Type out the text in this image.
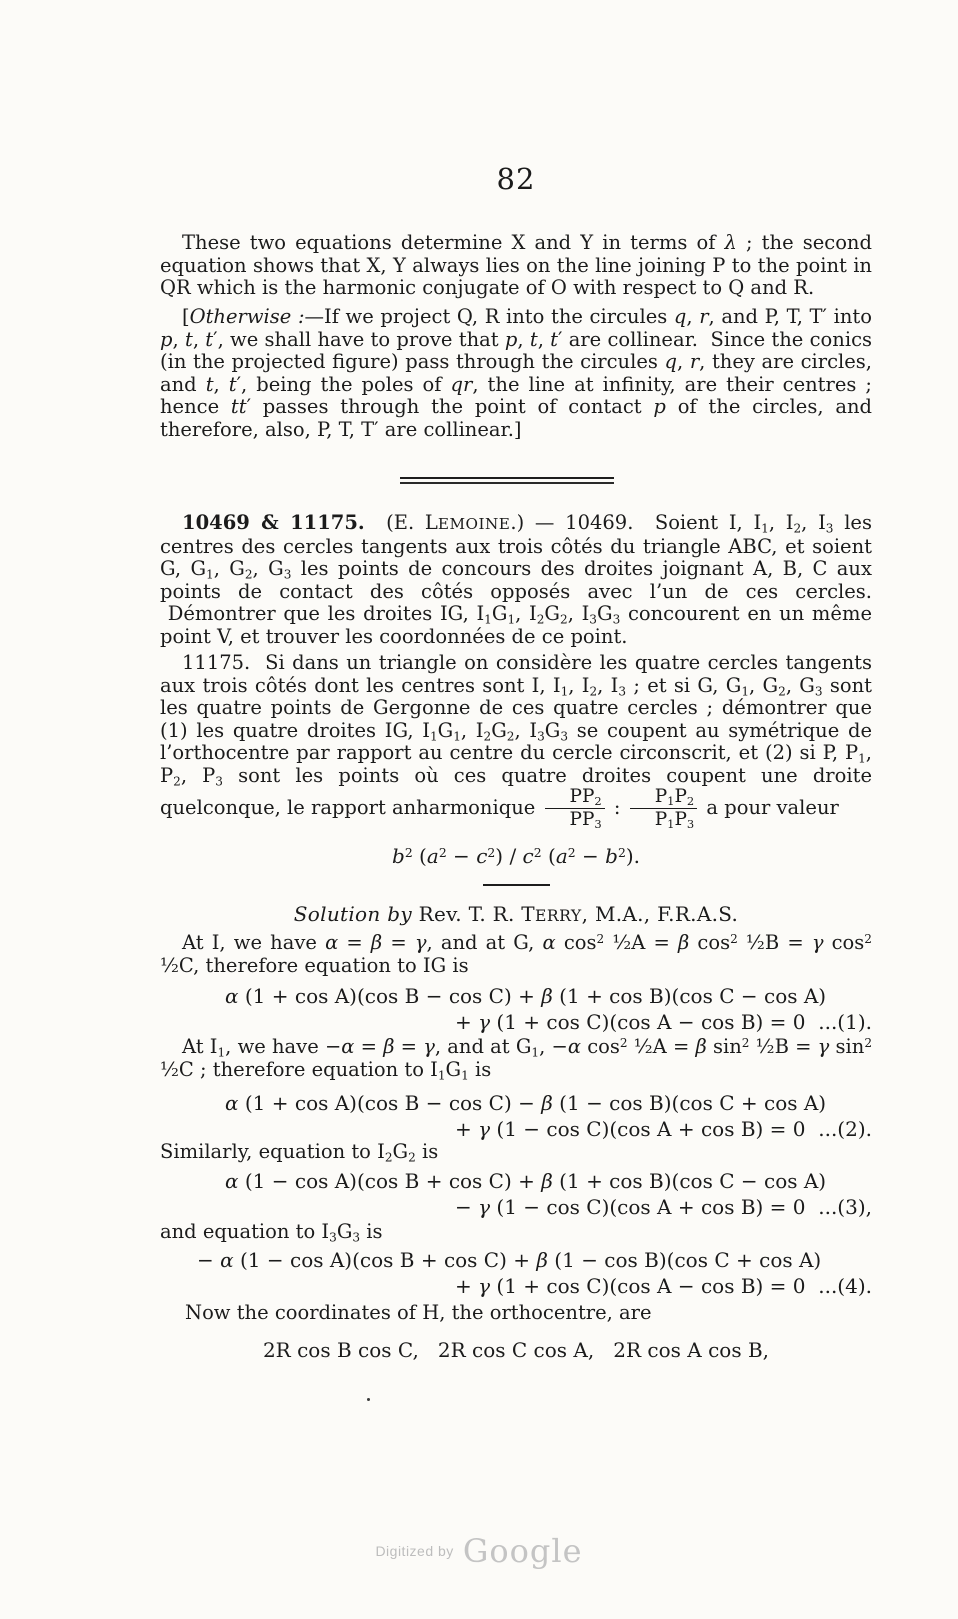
82
These two equations determine X and Y in terms of λ ; the second equation shows that X, Y always lies on the line joining P to the point in QR which is the harmonic conjugate of O with respect to Q and R.
[Otherwise :—If we project Q, R into the circules q, r, and P, T, T′ into p, t, t′, we shall have to prove that p, t, t′ are collinear.  Since the conics (in the projected figure) pass through the circules q, r, they are circles, and t, t′, being the poles of qr, the line at infinity, are their centres ; hence tt′ passes through the point of contact p of the circles, and therefore, also, P, T, T′ are collinear.]
10469 & 11175.  (E. LEMOINE.) — 10469.  Soient I, $I_1$, $I_2$, $I_3$ les centres des cercles tangents aux trois côtés du triangle ABC, et soient G, $G_1$, $G_2$, $G_3$ les points de concours des droites joignant A, B, C aux points de contact des côtés opposés avec l’un de ces cercles.  Démontrer que les droites IG, $I_1G_1$, $I_2G_2$, $I_3G_3$ concourent en un même point V, et trouver les coordonnées de ce point.
11175.  Si dans un triangle on considère les quatre cercles tangents aux trois côtés dont les centres sont I, $I_1$, $I_2$, $I_3$ ; et si G, $G_1$, $G_2$, $G_3$ sont les quatre points de Gergonne de ces quatre cercles ; démontrer que (1) les quatre droites IG, $I_1G_1$, $I_2G_2$, $I_3G_3$ se coupent au symétrique de l’orthocentre par rapport au centre du cercle circonscrit, et (2) si P, $P_1$, $P_2$, $P_3$ sont les points où ces quatre droites coupent une droite quelconque, le rapport anharmonique $\frac{PP_2}{PP_3}$ : $\frac{P_1P_2}{P_1P_3}$ a pour valeur
$b^2$ $(a^2 - c^2) / c^2$ $(a^2 - b^2)$.
Solution by Rev. T. R. TERRY, M.A., F.R.A.S.
At I, we have α = β = γ, and at G, α $\cos^2$ ½A = β $\cos^2$ ½B = γ $\cos^2$ ½C, therefore equation to IG is
α (1 + cos A)(cos B − cos C) + β (1 + cos B)(cos C − cos A)
+ γ (1 + cos C)(cos A − cos B) = 0  ...(1).
At $I_1$, we have −α = β = γ, and at $G_1$, −α $\cos^2$ ½A = β $\sin^2$ ½B = γ $\sin^2$ ½C ; therefore equation to $I_1G_1$ is
α (1 + cos A)(cos B − cos C) − β (1 − cos B)(cos C + cos A)
+ γ (1 − cos C)(cos A + cos B) = 0  ...(2).
Similarly, equation to $I_2G_2$ is
α (1 − cos A)(cos B + cos C) + β (1 + cos B)(cos C − cos A)
− γ (1 − cos C)(cos A + cos B) = 0  ...(3),
and equation to $I_3G_3$ is
− α (1 − cos A)(cos B + cos C) + β (1 − cos B)(cos C + cos A)
+ γ (1 + cos C)(cos A − cos B) = 0  ...(4).
Now the coordinates of H, the orthocentre, are
2R cos B cos C,   2R cos C cos A,   2R cos A cos B,
Digitized by Google
